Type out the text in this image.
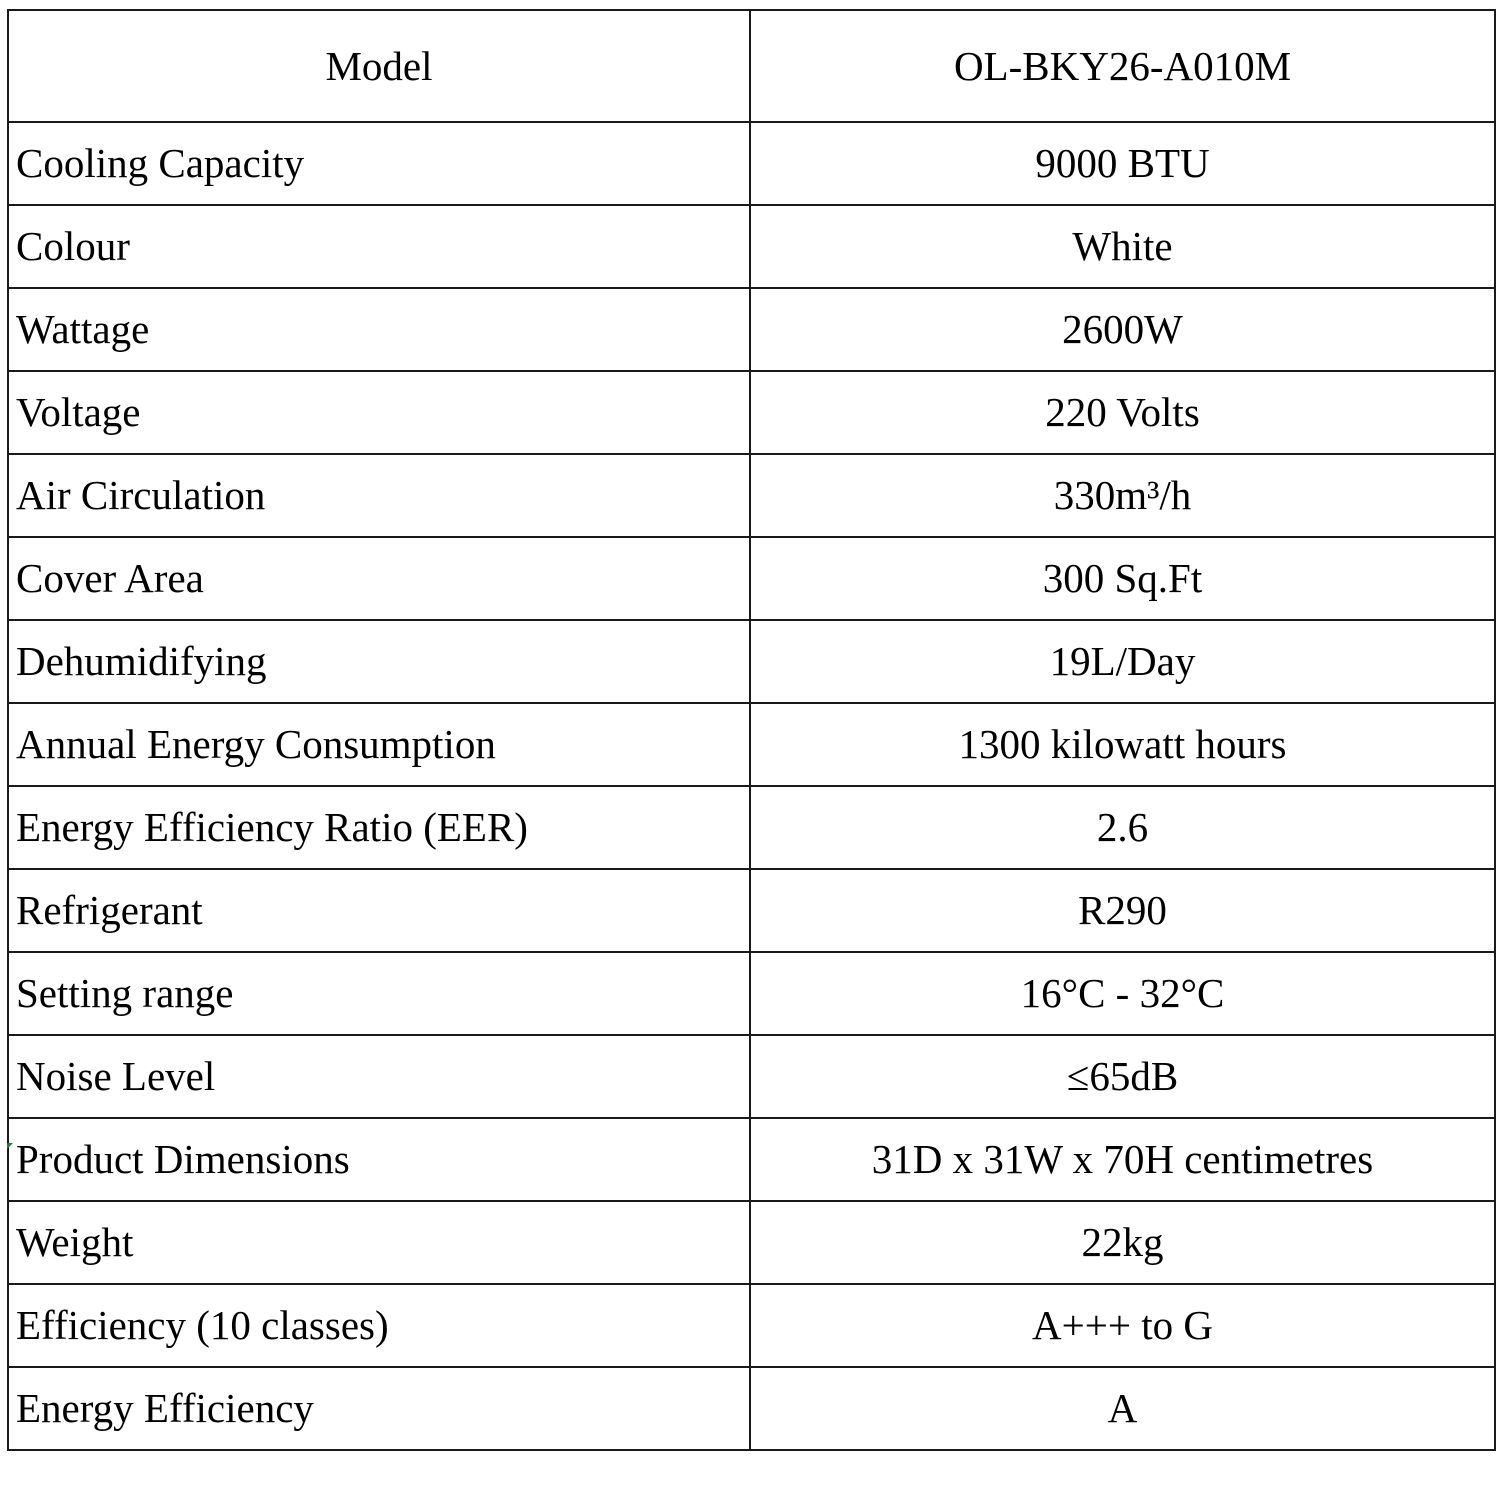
Model	OL-BKY26-A010M
Cooling Capacity	9000 BTU
Colour	White
Wattage	2600W
Voltage	220 Volts
Air Circulation	330m³/h
Cover Area	300 Sq.Ft
Dehumidifying	19L/Day
Annual Energy Consumption	1300 kilowatt hours
Energy Efficiency Ratio (EER)	2.6
Refrigerant	R290
Setting range	16°C - 32°C
Noise Level	≤65dB
Product Dimensions	31D x 31W x 70H centimetres
Weight	22kg
Efficiency (10 classes)	A+++ to G
Energy Efficiency	A
